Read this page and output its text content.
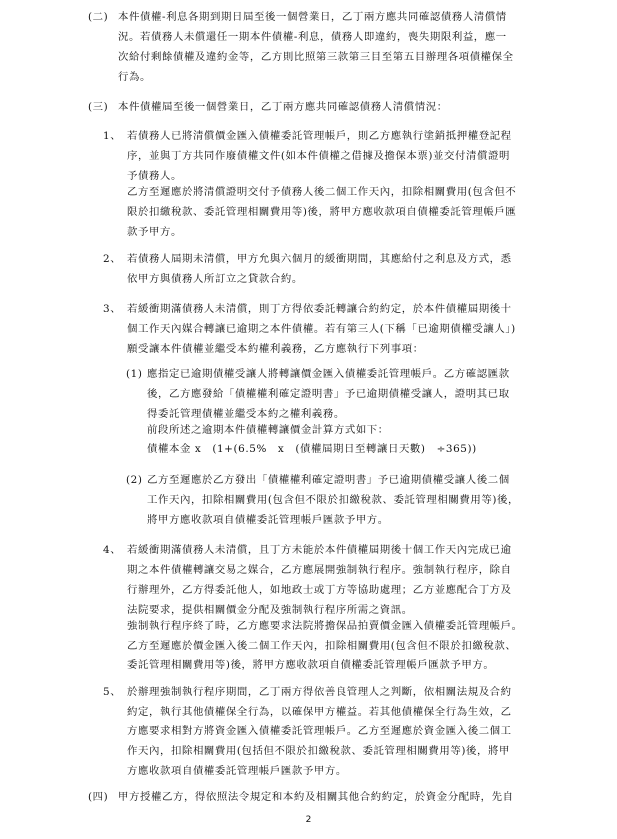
(二) 本件債權-利息各期到期日屆至後一個營業日，乙丁兩方應共同確認債務人清償情
況。若債務人未償還任一期本件債權-利息，債務人即違約，喪失期限利益，應一
次給付剩餘債權及違約金等，乙方則比照第三款第三目至第五目辦理各項債權保全
行為。
(三) 本件債權屆至後一個營業日，乙丁兩方應共同確認債務人清償情況：
1、 若債務人已將清償價金匯入債權委託管理帳戶，則乙方應執行塗銷抵押權登記程
序，並與丁方共同作廢債權文件(如本件債權之借據及擔保本票)並交付清償證明
予債務人。
乙方至遲應於將清償證明交付予債務人後二個工作天內，扣除相關費用(包含但不
限於扣繳稅款、委託管理相關費用等)後，將甲方應收款項自債權委託管理帳戶匯
款予甲方。
2、 若債務人屆期未清償，甲方允與六個月的緩衝期間，其應給付之利息及方式，悉
依甲方與債務人所訂立之貸款合約。
3、 若緩衝期滿債務人未清償，則丁方得依委託轉讓合約約定，於本件債權屆期後十
個工作天內媒合轉讓已逾期之本件債權。若有第三人(下稱「已逾期債權受讓人」)
願受讓本件債權並繼受本約權利義務，乙方應執行下列事項：
(1) 應指定已逾期債權受讓人將轉讓價金匯入債權委託管理帳戶。乙方確認匯款
後，乙方應發給「債權權利確定證明書」予已逾期債權受讓人，證明其已取
得委託管理債權並繼受本約之權利義務。
前段所述之逾期本件債權轉讓價金計算方式如下：
債權本金 x　(1+(6.5%　x　(債權屆期日至轉讓日天數)　÷365))
(2) 乙方至遲應於乙方發出「債權權利確定證明書」予已逾期債權受讓人後二個
工作天內，扣除相關費用(包含但不限於扣繳稅款、委託管理相關費用等)後，
將甲方應收款項自債權委託管理帳戶匯款予甲方。
4、 若緩衝期滿債務人未清償，且丁方未能於本件債權屆期後十個工作天內完成已逾
期之本件債權轉讓交易之媒合，乙方應展開強制執行程序。強制執行程序，除自
行辦理外，乙方得委託他人，如地政士或丁方等協助處理；乙方並應配合丁方及
法院要求，提供相關價金分配及強制執行程序所需之資訊。
強制執行程序終了時，乙方應要求法院將擔保品拍賣價金匯入債權委託管理帳戶。
乙方至遲應於價金匯入後二個工作天內，扣除相關費用(包含但不限於扣繳稅款、
委託管理相關費用等)後，將甲方應收款項自債權委託管理帳戶匯款予甲方。
5、 於辦理強制執行程序期間，乙丁兩方得依善良管理人之判斷，依相關法規及合約
約定，執行其他債權保全行為，以確保甲方權益。若其他債權保全行為生效，乙
方應要求相對方將資金匯入債權委託管理帳戶。乙方至遲應於資金匯入後二個工
作天內，扣除相關費用(包括但不限於扣繳稅款、委託管理相關費用等)後，將甲
方應收款項自債權委託管理帳戶匯款予甲方。
(四) 甲方授權乙方，得依照法令規定和本約及相關其他合約約定，於資金分配時，先自
2
